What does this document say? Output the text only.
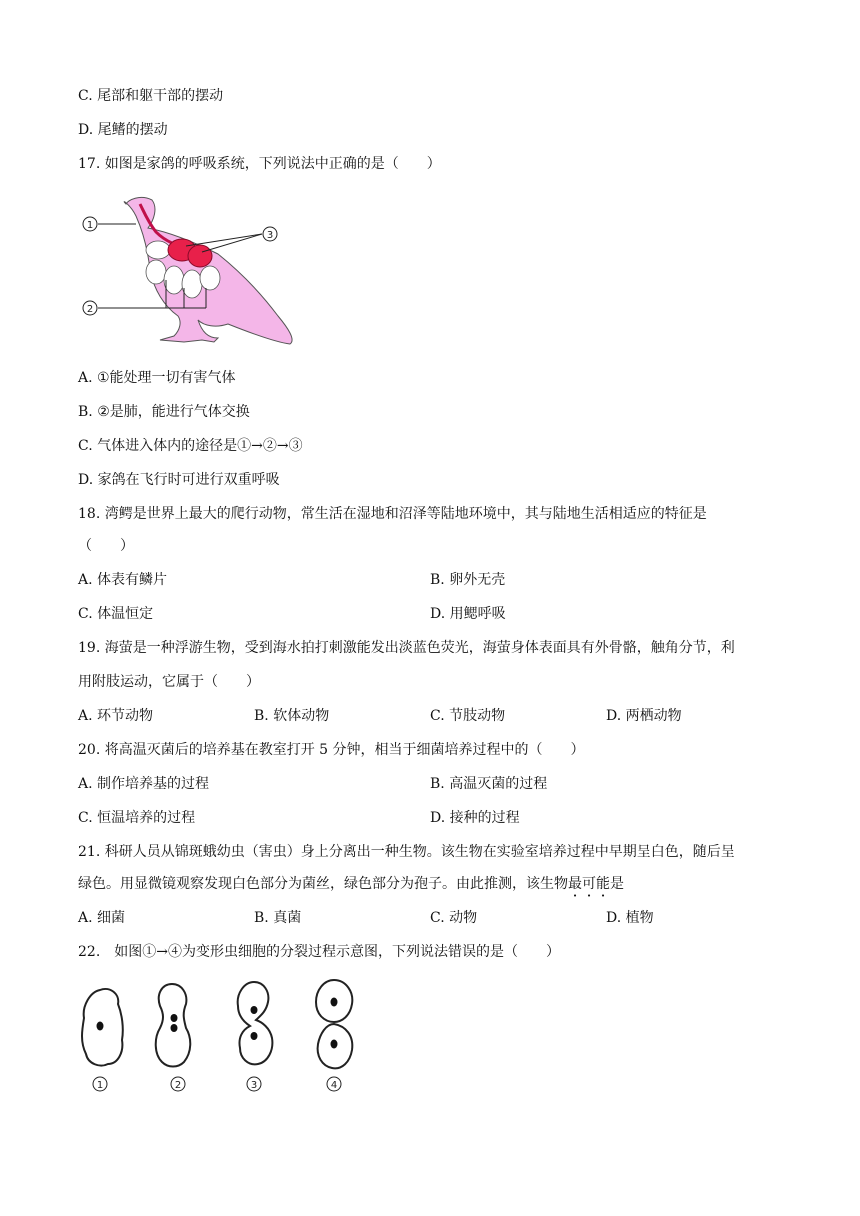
C. 尾部和躯干部的摆动
D. 尾鳍的摆动
17. 如图是家鸽的呼吸系统，下列说法中正确的是（　　）
1
3
2
A. ①能处理一切有害气体
B. ②是肺，能进行气体交换
C. 气体进入体内的途径是①→②→③
D. 家鸽在飞行时可进行双重呼吸
18. 湾鳄是世界上最大的爬行动物，常生活在湿地和沼泽等陆地环境中，其与陆地生活相适应的特征是
（　　）
A. 体表有鳞片	B. 卵外无壳
C. 体温恒定	D. 用鳃呼吸
19. 海萤是一种浮游生物，受到海水拍打刺激能发出淡蓝色荧光，海萤身体表面具有外骨骼，触角分节，利
用附肢运动，它属于（　　）
A. 环节动物	B. 软体动物	C. 节肢动物	D. 两栖动物
20. 将高温灭菌后的培养基在教室打开 5 分钟，相当于细菌培养过程中的（　　）
A. 制作培养基的过程	B. 高温灭菌的过程
C. 恒温培养的过程	D. 接种的过程
21. 科研人员从锦斑蛾幼虫（害虫）身上分离出一种生物。该生物在实验室培养过程中早期呈白色，随后呈
绿色。用显微镜观察发现白色部分为菌丝，绿色部分为孢子。由此推测，该生物最可能是
A. 细菌	B. 真菌	C. 动物	D. 植物
22.　如图①→④为变形虫细胞的分裂过程示意图，下列说法错误的是（　　）
1	2	3	4
